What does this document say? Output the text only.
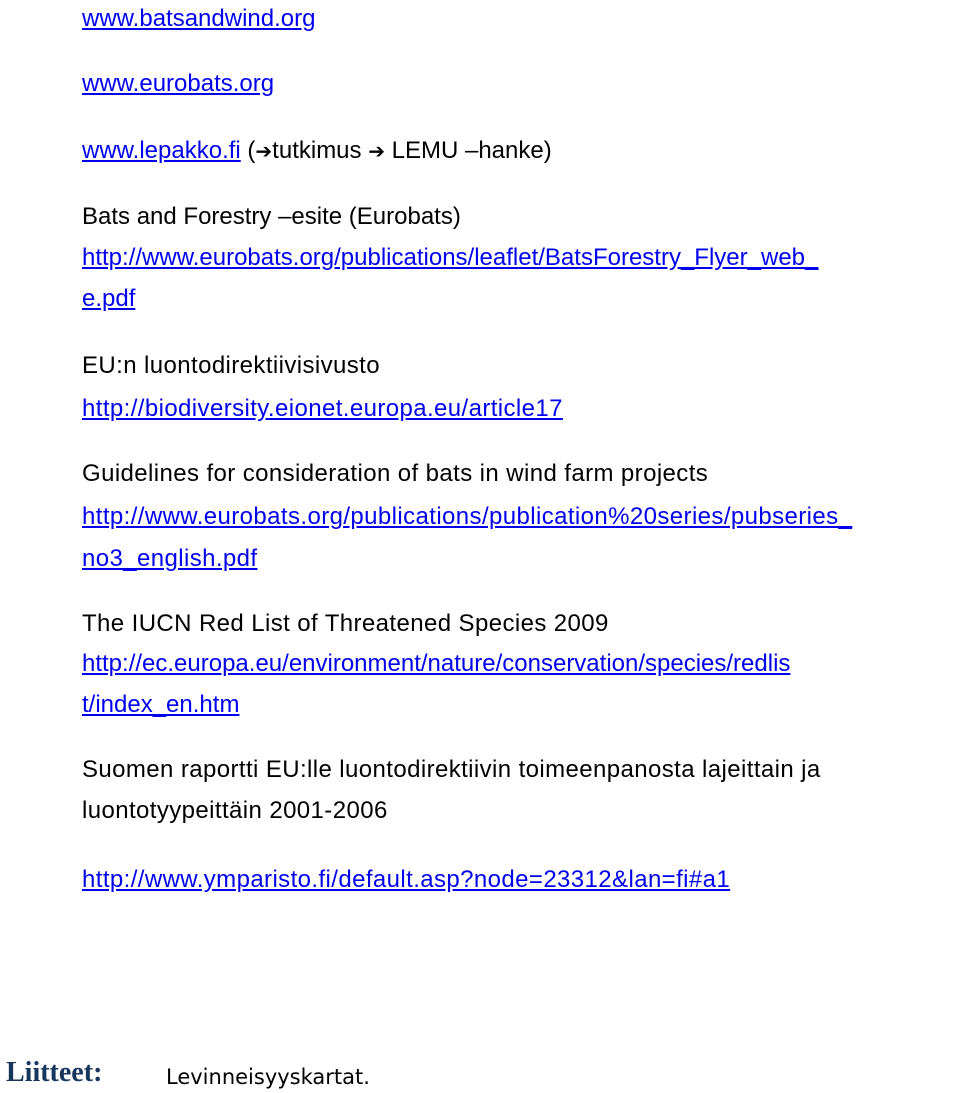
www.batsandwind.org
www.eurobats.org
www.lepakko.fi (➔tutkimus ➔ LEMU –hanke)
Bats and Forestry –esite (Eurobats)
http://www.eurobats.org/publications/leaflet/BatsForestry_Flyer_web_
e.pdf
EU:n luontodirektiivisivusto
http://biodiversity.eionet.europa.eu/article17
Guidelines for consideration of bats in wind farm projects
http://www.eurobats.org/publications/publication%20series/pubseries_
no3_english.pdf
The IUCN Red List of Threatened Species 2009
http://ec.europa.eu/environment/nature/conservation/species/redlis
t/index_en.htm
Suomen raportti EU:lle luontodirektiivin toimeenpanosta lajeittain ja
luontotyypeittäin 2001-2006
http://www.ymparisto.fi/default.asp?node=23312&lan=fi#a1
Liitteet:	Levinneisyyskartat.
